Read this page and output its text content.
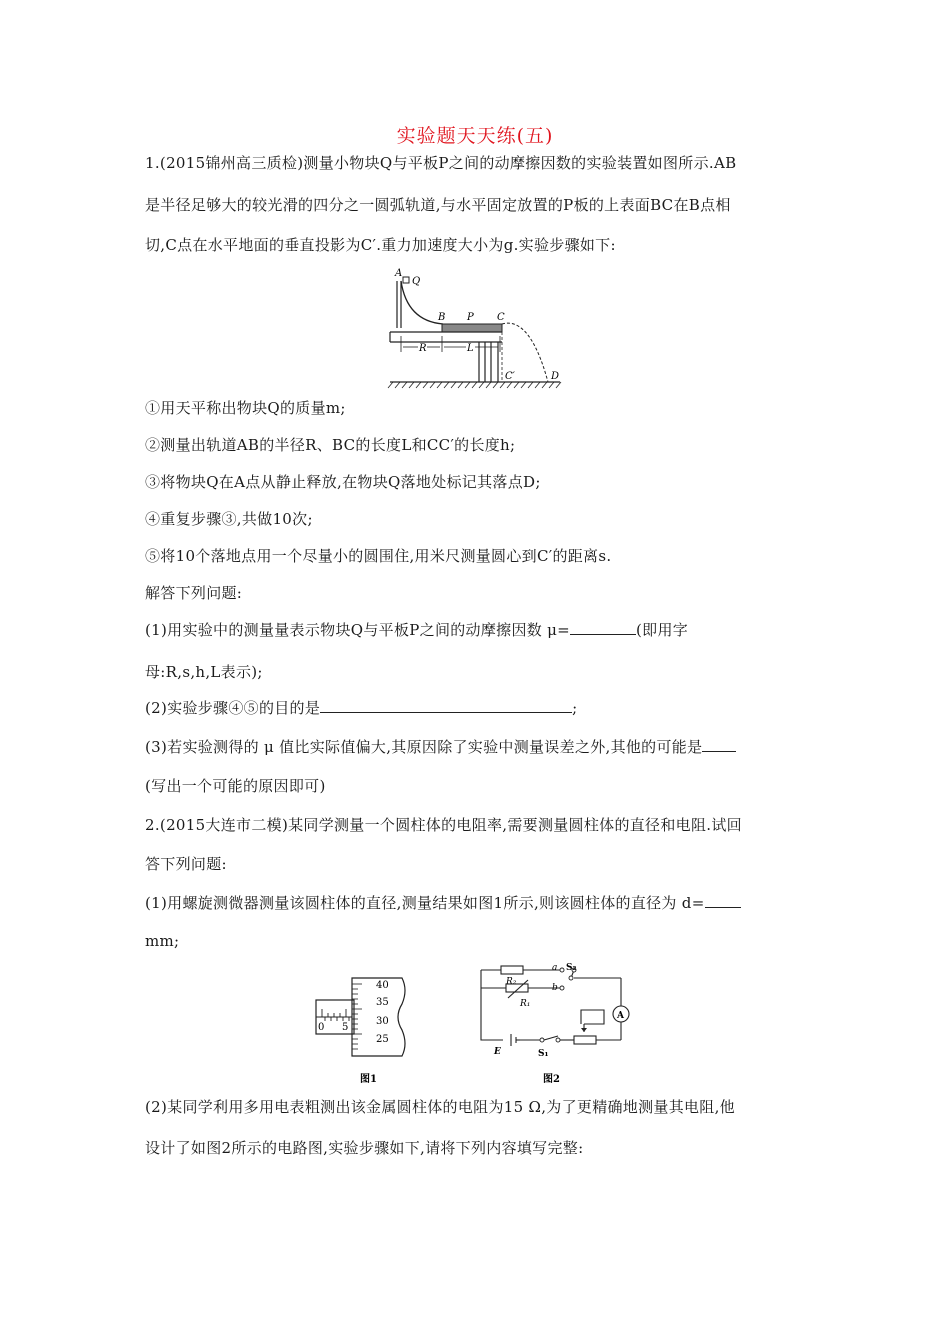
实验题天天练(五)
1.(2015锦州高三质检)测量小物块Q与平板P之间的动摩擦因数的实验装置如图所示.AB
是半径足够大的较光滑的四分之一圆弧轨道,与水平固定放置的P板的上表面BC在B点相
切,C点在水平地面的垂直投影为C′.重力加速度大小为g.实验步骤如下:
A
Q
B P C
R	L
C′	D
①用天平称出物块Q的质量m;
②测量出轨道AB的半径R、BC的长度L和CC′的长度h;
③将物块Q在A点从静止释放,在物块Q落地处标记其落点D;
④重复步骤③,共做10次;
⑤将10个落地点用一个尽量小的圆围住,用米尺测量圆心到C′的距离s.
解答下列问题:
(1)用实验中的测量量表示物块Q与平板P之间的动摩擦因数 μ=	(即用字
母:R,s,h,L表示);
(2)实验步骤④⑤的目的是	;
(3)若实验测得的 μ 值比实际值偏大,其原因除了实验中测量误差之外,其他的可能是
(写出一个可能的原因即可)
2.(2015大连市二模)某同学测量一个圆柱体的电阻率,需要测量圆柱体的直径和电阻.试回
答下列问题:
(1)用螺旋测微器测量该圆柱体的直径,测量结果如图1所示,则该圆柱体的直径为 d=
mm;
40
35
30
25
0 5
图1
R₂
R₁
a
b
S₂
A
E	S₁
图2
(2)某同学利用多用电表粗测出该金属圆柱体的电阻为15 Ω,为了更精确地测量其电阻,他
设计了如图2所示的电路图,实验步骤如下,请将下列内容填写完整:
